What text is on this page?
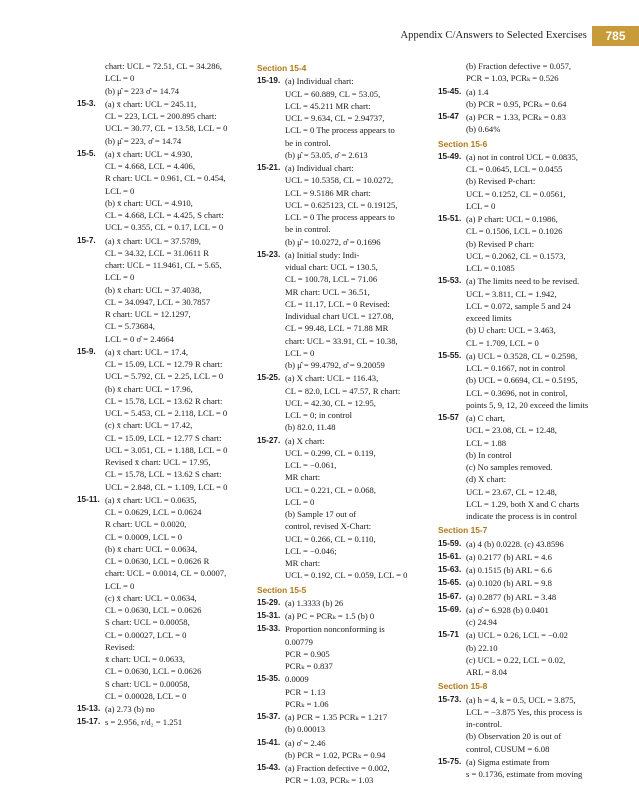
Appendix C/Answers to Selected Exercises	785
chart: UCL = 72.51, CL = 34.286,
LCL = 0
(b) μ̂ = 223 σ̂ = 14.74
15-3.	(a) x̄ chart: UCL = 245.11,
CL = 223, LCL = 200.895 chart:
UCL = 30.77, CL = 13.58, LCL = 0
(b) μ̂ = 223, σ̂ = 14.74
15-5.	(a) x̄ chart: UCL = 4.930,
CL = 4.668, LCL = 4.406,
R chart: UCL = 0.961, CL = 0.454,
LCL = 0
(b) x̄ chart: UCL = 4.910,
CL = 4.668, LCL = 4.425, S chart:
UCL = 0.355, CL = 0.17, LCL = 0
15-7.	(a) x̄ chart: UCL = 37.5789,
CL = 34.32, LCL = 31.0611 R
chart: UCL = 11.9461, CL = 5.65,
LCL = 0
(b) x̄ chart: UCL = 37.4038,
CL = 34.0947, LCL = 30.7857
R chart: UCL = 12.1297,
CL = 5.73684,
LCL = 0 σ̂ = 2.4664
15-9.	(a) x̄ chart: UCL = 17.4,
CL = 15.09, LCL = 12.79 R chart:
UCL = 5.792, CL = 2.25, LCL = 0
(b) x̄ chart: UCL = 17.96,
CL = 15.78, LCL = 13.62 R chart:
UCL = 5.453, CL = 2.118, LCL = 0
(c) x̄ chart: UCL = 17.42,
CL = 15.09, LCL = 12.77 S chart:
UCL = 3.051, CL = 1.188, LCL = 0
Revised x̄ chart: UCL = 17.95,
CL = 15.78, LCL = 13.62 S chart:
UCL = 2.848, CL = 1.109, LCL = 0
15-11. (a) x̄ chart: UCL = 0.0635,
CL = 0.0629, LCL = 0.0624
R chart: UCL = 0.0020,
CL = 0.0009, LCL = 0
(b) x̄ chart: UCL = 0.0634,
CL = 0.0630, LCL = 0.0626 R
chart: UCL = 0.0014, CL = 0.0007,
LCL = 0
(c) x̄ chart: UCL = 0.0634,
CL = 0.0630, LCL = 0.0626
S chart: UCL = 0.00058,
CL = 0.00027, LCL = 0
Revised:
x̄ chart: UCL = 0.0633,
CL = 0.0630, LCL = 0.0626
S chart: UCL = 0.00058,
CL = 0.00028, LCL = 0
15-13. (a) 2.73 (b) no
15-17. s = 2.956, r/d₂ = 1.251
Section 15-4
15-19. (a) Individual chart:
UCL = 60.889, CL = 53.05,
LCL = 45.211 MR chart:
UCL = 9.634, CL = 2.94737,
LCL = 0 The process appears to
be in control.
(b) μ̂ = 53.05, σ̂ = 2.613
15-21. (a) Individual chart:
UCL = 10.5358, CL = 10.0272,
LCL = 9.5186 MR chart:
UCL = 0.625123, CL = 0.19125,
LCL = 0 The process appears to
be in control.
(b) μ̂ = 10.0272, σ̂ = 0.1696
15-23. (a) Initial study: Indi-
vidual chart: UCL = 130.5,
CL = 100.78, LCL = 71.06
MR chart: UCL = 36.51,
CL = 11.17, LCL = 0 Revised:
Individual chart UCL = 127.08,
CL = 99.48, LCL = 71.88 MR
chart: UCL = 33.91, CL = 10.38,
LCL = 0
(b) μ̂ = 99.4792, σ̂ = 9.20059
15-25. (a) X chart: UCL = 116.43,
CL = 82.0, LCL = 47.57, R chart:
UCL = 42.30, CL = 12.95,
LCL = 0; in control
(b) 82.0, 11.48
15-27. (a) X chart:
UCL = 0.299, CL = 0.119,
LCL = −0.061,
MR chart:
UCL = 0.221, CL = 0.068,
LCL = 0
(b) Sample 17 out of
control, revised X-Chart:
UCL = 0.266, CL = 0.110,
LCL = −0.046;
MR chart:
UCL = 0.192, CL = 0.059, LCL = 0
Section 15-5
15-29. (a) 1.3333 (b) 26
15-31. (a) PC = PCRₖ = 1.5 (b) 0
15-33. Proportion nonconforming is
0.00779
PCR = 0.905
PCRₖ = 0.837
15-35. 0.0009
PCR = 1.13
PCRₖ = 1.06
15-37. (a) PCR = 1.35 PCRₖ = 1.217
(b) 0.00013
15-41. (a) σ̂ = 2.46
(b) PCR = 1.02, PCRₖ = 0.94
15-43. (a) Fraction defective = 0.002,
PCR = 1.03, PCRₖ = 1.03
(b) Fraction defective = 0.057,
PCR = 1.03, PCRₖ = 0.526
15-45. (a) 1.4
(b) PCR = 0.95, PCRₖ = 0.64
15-47 (a) PCR = 1.33, PCRₖ = 0.83
(b) 0.64%
Section 15-6
15-49. (a) not in control UCL = 0.0835,
CL = 0.0645, LCL = 0.0455
(b) Revised P-chart:
UCL = 0.1252, CL = 0.0561,
LCL = 0
15-51. (a) P chart: UCL = 0.1986,
CL = 0.1506, LCL = 0.1026
(b) Revised P chart:
UCL = 0.2062, CL = 0.1573,
LCL = 0.1085
15-53. (a) The limits need to be revised.
UCL = 3.811, CL = 1.942,
LCL = 0.072, sample 5 and 24
exceed limits
(b) U chart: UCL = 3.463,
CL = 1.709, LCL = 0
15-55. (a) UCL = 0.3528, CL = 0.2598,
LCL = 0.1667, not in control
(b) UCL = 0.6694, CL = 0.5195,
LCL = 0.3696, not in control,
points 5, 9, 12, 20 exceed the limits
15-57 (a) C chart,
UCL = 23.08, CL = 12.48,
LCL = 1.88
(b) In control
(c) No samples removed.
(d) X chart:
UCL = 23.67, CL = 12.48,
LCL = 1.29, both X and C charts
indicate the process is in control
Section 15-7
15-59. (a) 4 (b) 0.0228. (c) 43.8596
15-61. (a) 0.2177 (b) ARL = 4.6
15-63. (a) 0.1515 (b) ARL = 6.6
15-65. (a) 0.1020 (b) ARL = 9.8
15-67. (a) 0.2877 (b) ARL = 3.48
15-69. (a) σ̂ = 6.928 (b) 0.0401
(c) 24.94
15-71 (a) UCL = 0.26, LCL = −0.02
(b) 22.10
(c) UCL = 0.22, LCL = 0.02,
ARL = 8.04
Section 15-8
15-73. (a) h = 4, k = 0.5, UCL = 3.875,
LCL = −3.875 Yes, this process is
in-control.
(b) Observation 20 is out of
control, CUSUM = 6.08
15-75. (a) Sigma estimate from
s = 0.1736, estimate from moving
